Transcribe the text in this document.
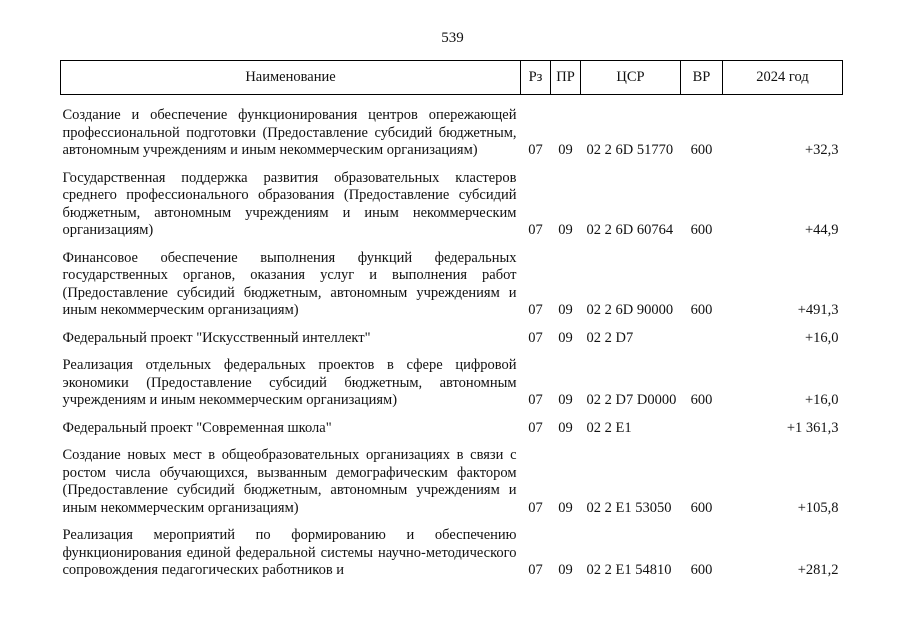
539
Наименование	Рз	ПР	ЦСР	ВР	2024 год

Создание и обеспечение функционирования центров опережающей профессиональной подготовки (Предоставление субсидий бюджетным, автономным учреждениям и иным некоммерческим организациям)	07	09	02 2 6D 51770	600	+32,3

Государственная поддержка развития образовательных кластеров среднего профессионального образования (Предоставление субсидий бюджетным, автономным учреждениям и иным некоммерческим организациям)	07	09	02 2 6D 60764	600	+44,9

Финансовое обеспечение выполнения функций федеральных государственных органов, оказания услуг и выполнения работ (Предоставление субсидий бюджетным, автономным учреждениям и иным некоммерческим организациям)	07	09	02 2 6D 90000	600	+491,3

Федеральный проект "Искусственный интеллект"	07	09	02 2 D7		+16,0

Реализация отдельных федеральных проектов в сфере цифровой экономики (Предоставление субсидий бюджетным, автономным учреждениям и иным некоммерческим организациям)	07	09	02 2 D7 D0000	600	+16,0

Федеральный проект "Современная школа"	07	09	02 2 E1		+1 361,3

Создание новых мест в общеобразовательных организациях в связи с ростом числа обучающихся, вызванным демографическим фактором (Предоставление субсидий бюджетным, автономным учреждениям и иным некоммерческим организациям)	07	09	02 2 E1 53050	600	+105,8

Реализация мероприятий по формированию и обеспечению функционирования единой федеральной системы научно-методического сопровождения педагогических работников и	07	09	02 2 E1 54810	600	+281,2
